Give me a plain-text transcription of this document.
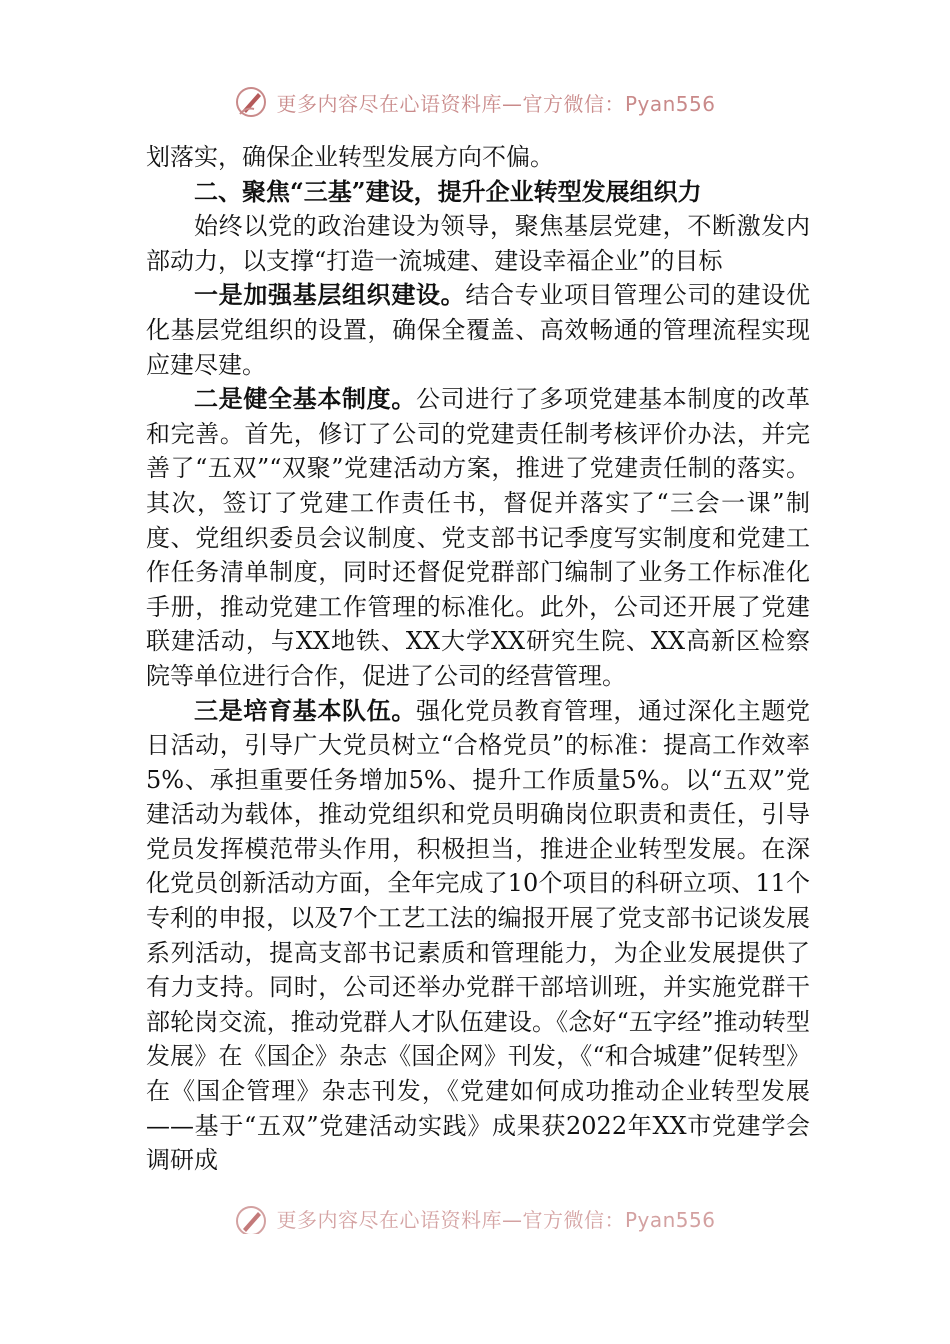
更多内容尽在心语资料库—官方微信：Pyan556

划落实，确保企业转型发展方向不偏。

二、聚焦“三基”建设，提升企业转型发展组织力

始终以党的政治建设为领导，聚焦基层党建，不断激发内部动力，以支撑“打造一流城建、建设幸福企业”的目标

一是加强基层组织建设。结合专业项目管理公司的建设优化基层党组织的设置，确保全覆盖、高效畅通的管理流程实现应建尽建。

二是健全基本制度。公司进行了多项党建基本制度的改革和完善。首先，修订了公司的党建责任制考核评价办法，并完善了“五双”“双聚”党建活动方案，推进了党建责任制的落实。其次，签订了党建工作责任书，督促并落实了“三会一课”制度、党组织委员会议制度、党支部书记季度写实制度和党建工作任务清单制度，同时还督促党群部门编制了业务工作标准化手册，推动党建工作管理的标准化。此外，公司还开展了党建联建活动，与XX地铁、XX大学XX研究生院、XX高新区检察院等单位进行合作，促进了公司的经营管理。

三是培育基本队伍。强化党员教育管理，通过深化主题党日活动，引导广大党员树立“合格党员”的标准：提高工作效率5%、承担重要任务增加5%、提升工作质量5%。以“五双”党建活动为载体，推动党组织和党员明确岗位职责和责任，引导党员发挥模范带头作用，积极担当，推进企业转型发展。在深化党员创新活动方面，全年完成了10个项目的科研立项、11个专利的申报，以及7个工艺工法的编报开展了党支部书记谈发展系列活动，提高支部书记素质和管理能力，为企业发展提供了有力支持。同时，公司还举办党群干部培训班，并实施党群干部轮岗交流，推动党群人才队伍建设。《念好“五字经”推动转型发展》在《国企》杂志《国企网》刊发，《“和合城建”促转型》在《国企管理》杂志刊发，《党建如何成功推动企业转型发展——基于“五双”党建活动实践》成果获2022年XX市党建学会调研成

更多内容尽在心语资料库—官方微信：Pyan556
